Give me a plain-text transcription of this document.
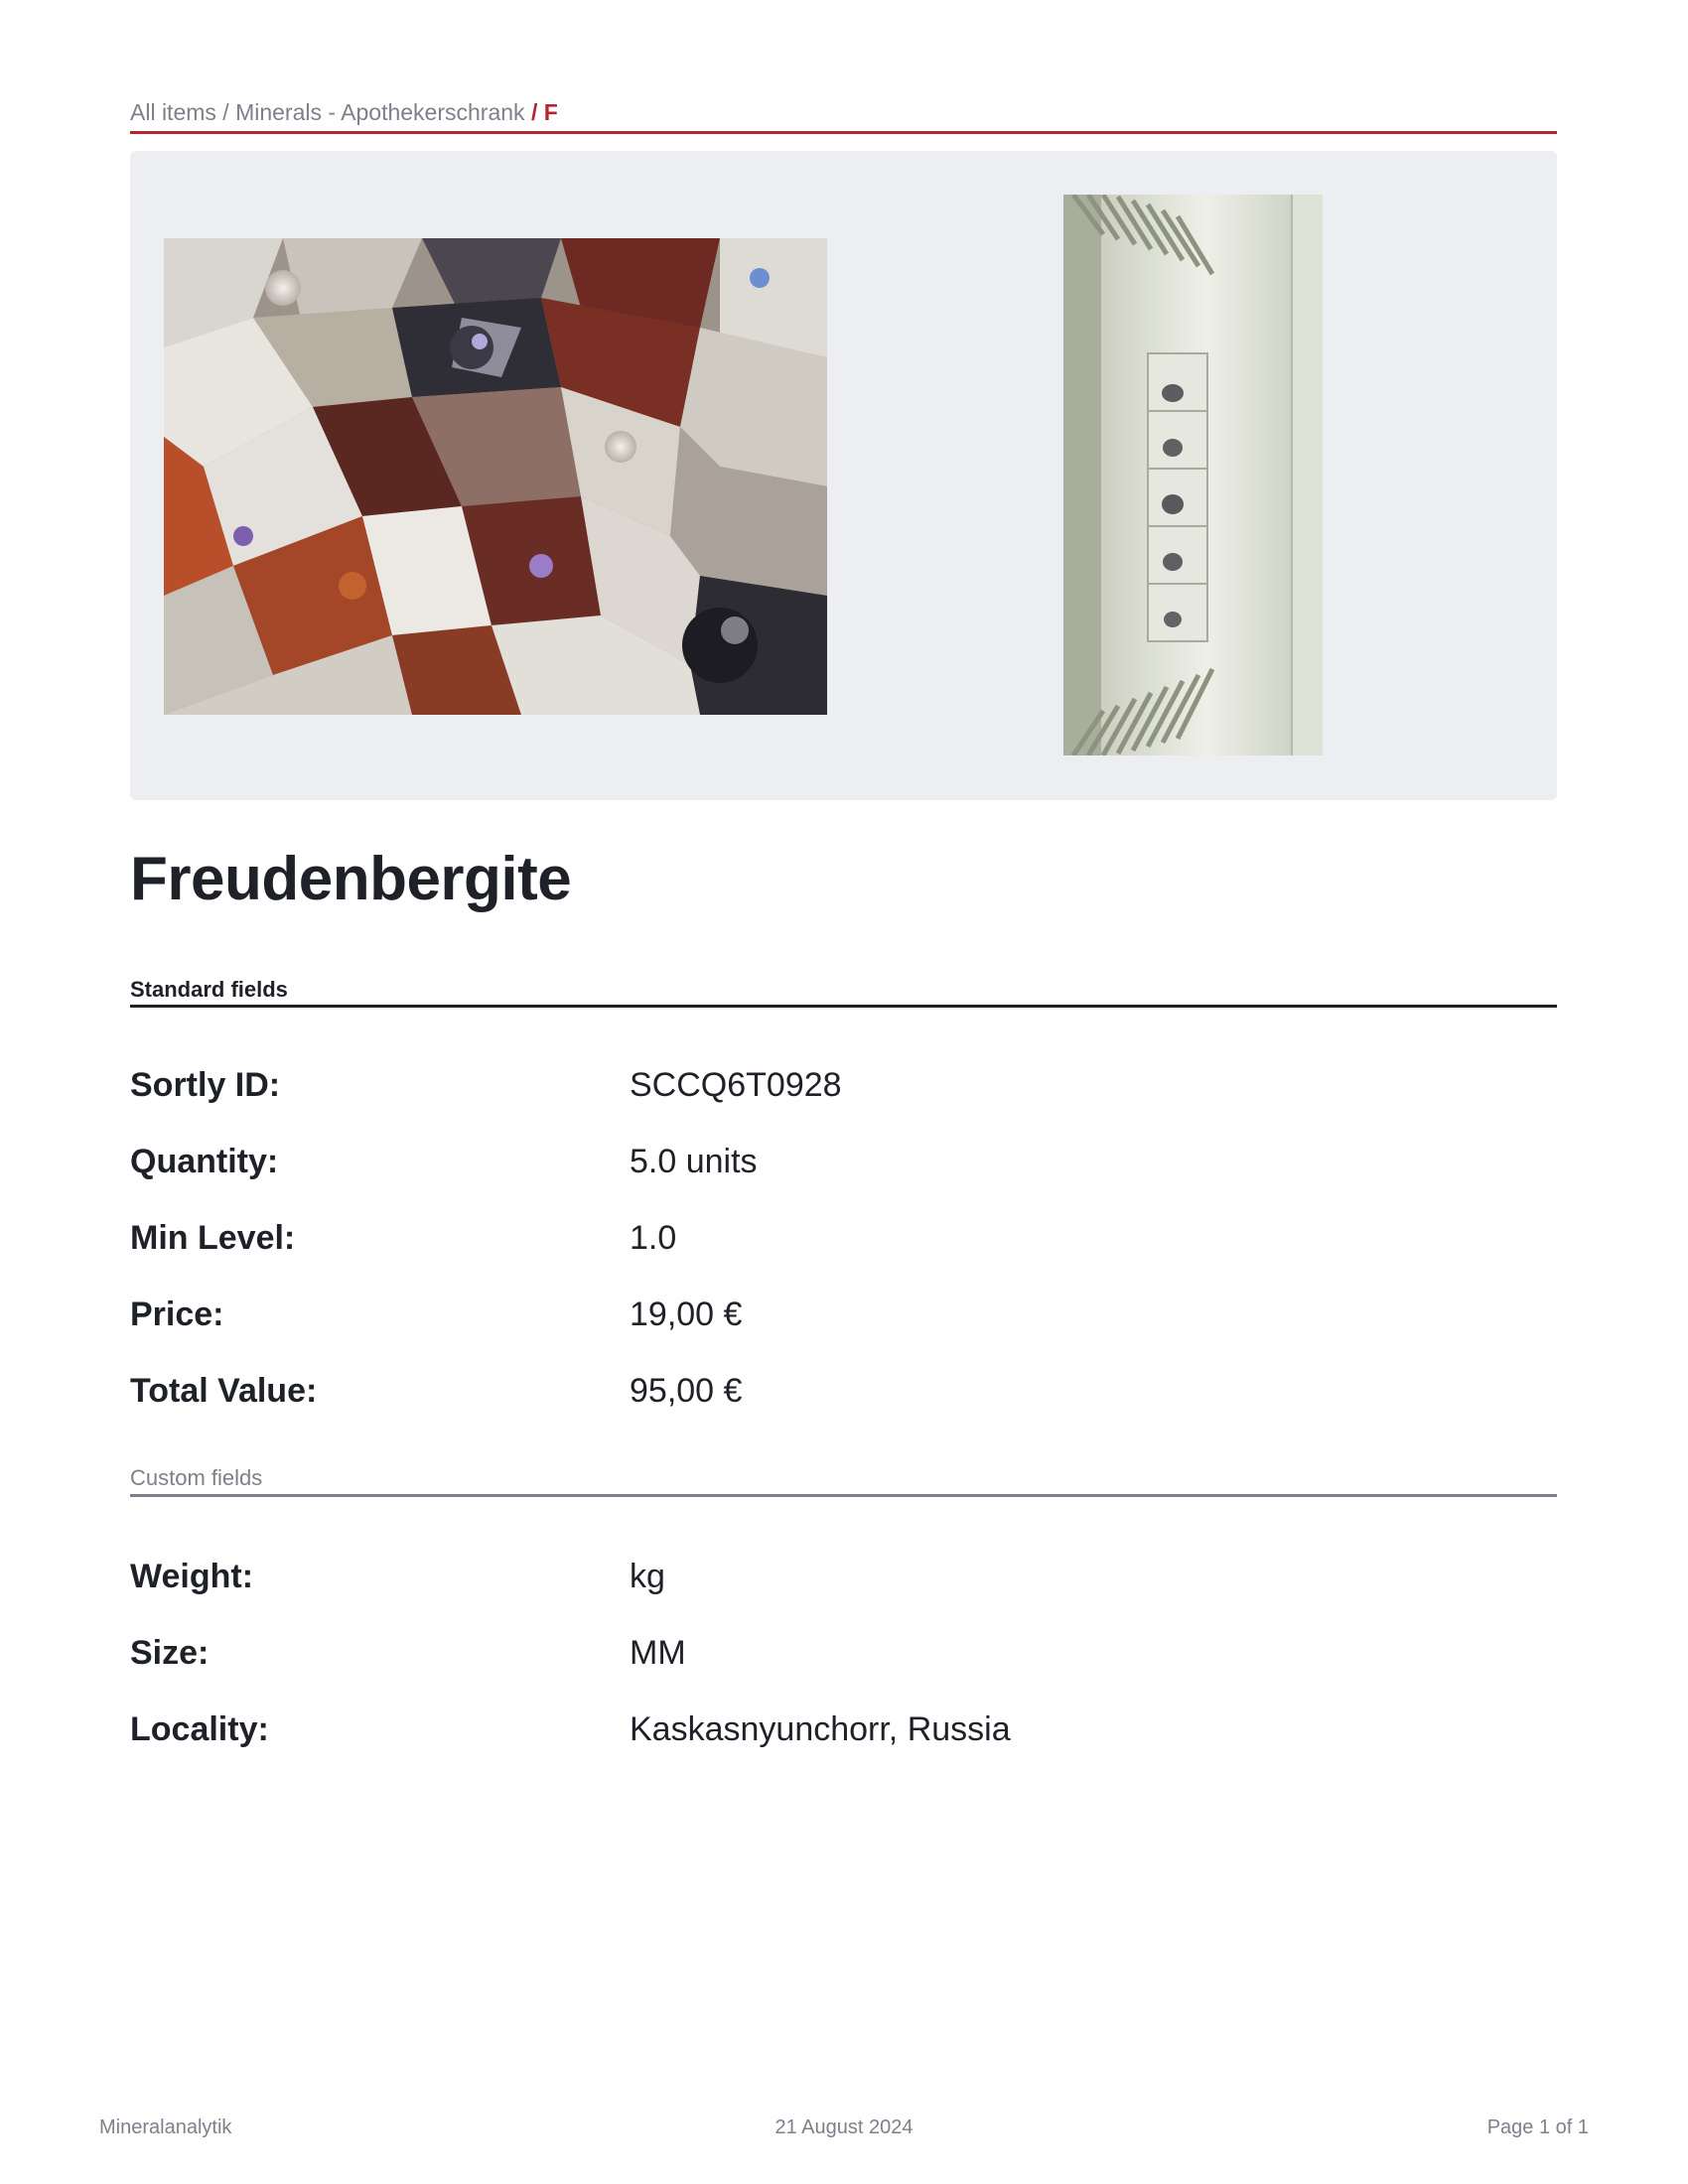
All items / Minerals - Apothekerschrank / F
Freudenbergite
Standard fields
Sortly ID:	SCCQ6T0928
Quantity:	5.0 units
Min Level:	1.0
Price:	19,00 €
Total Value:	95,00 €
Custom fields
Weight:	kg
Size:	MM
Locality:	Kaskasnyunchorr, Russia
Mineralanalytik	21 August 2024	Page 1 of 1
